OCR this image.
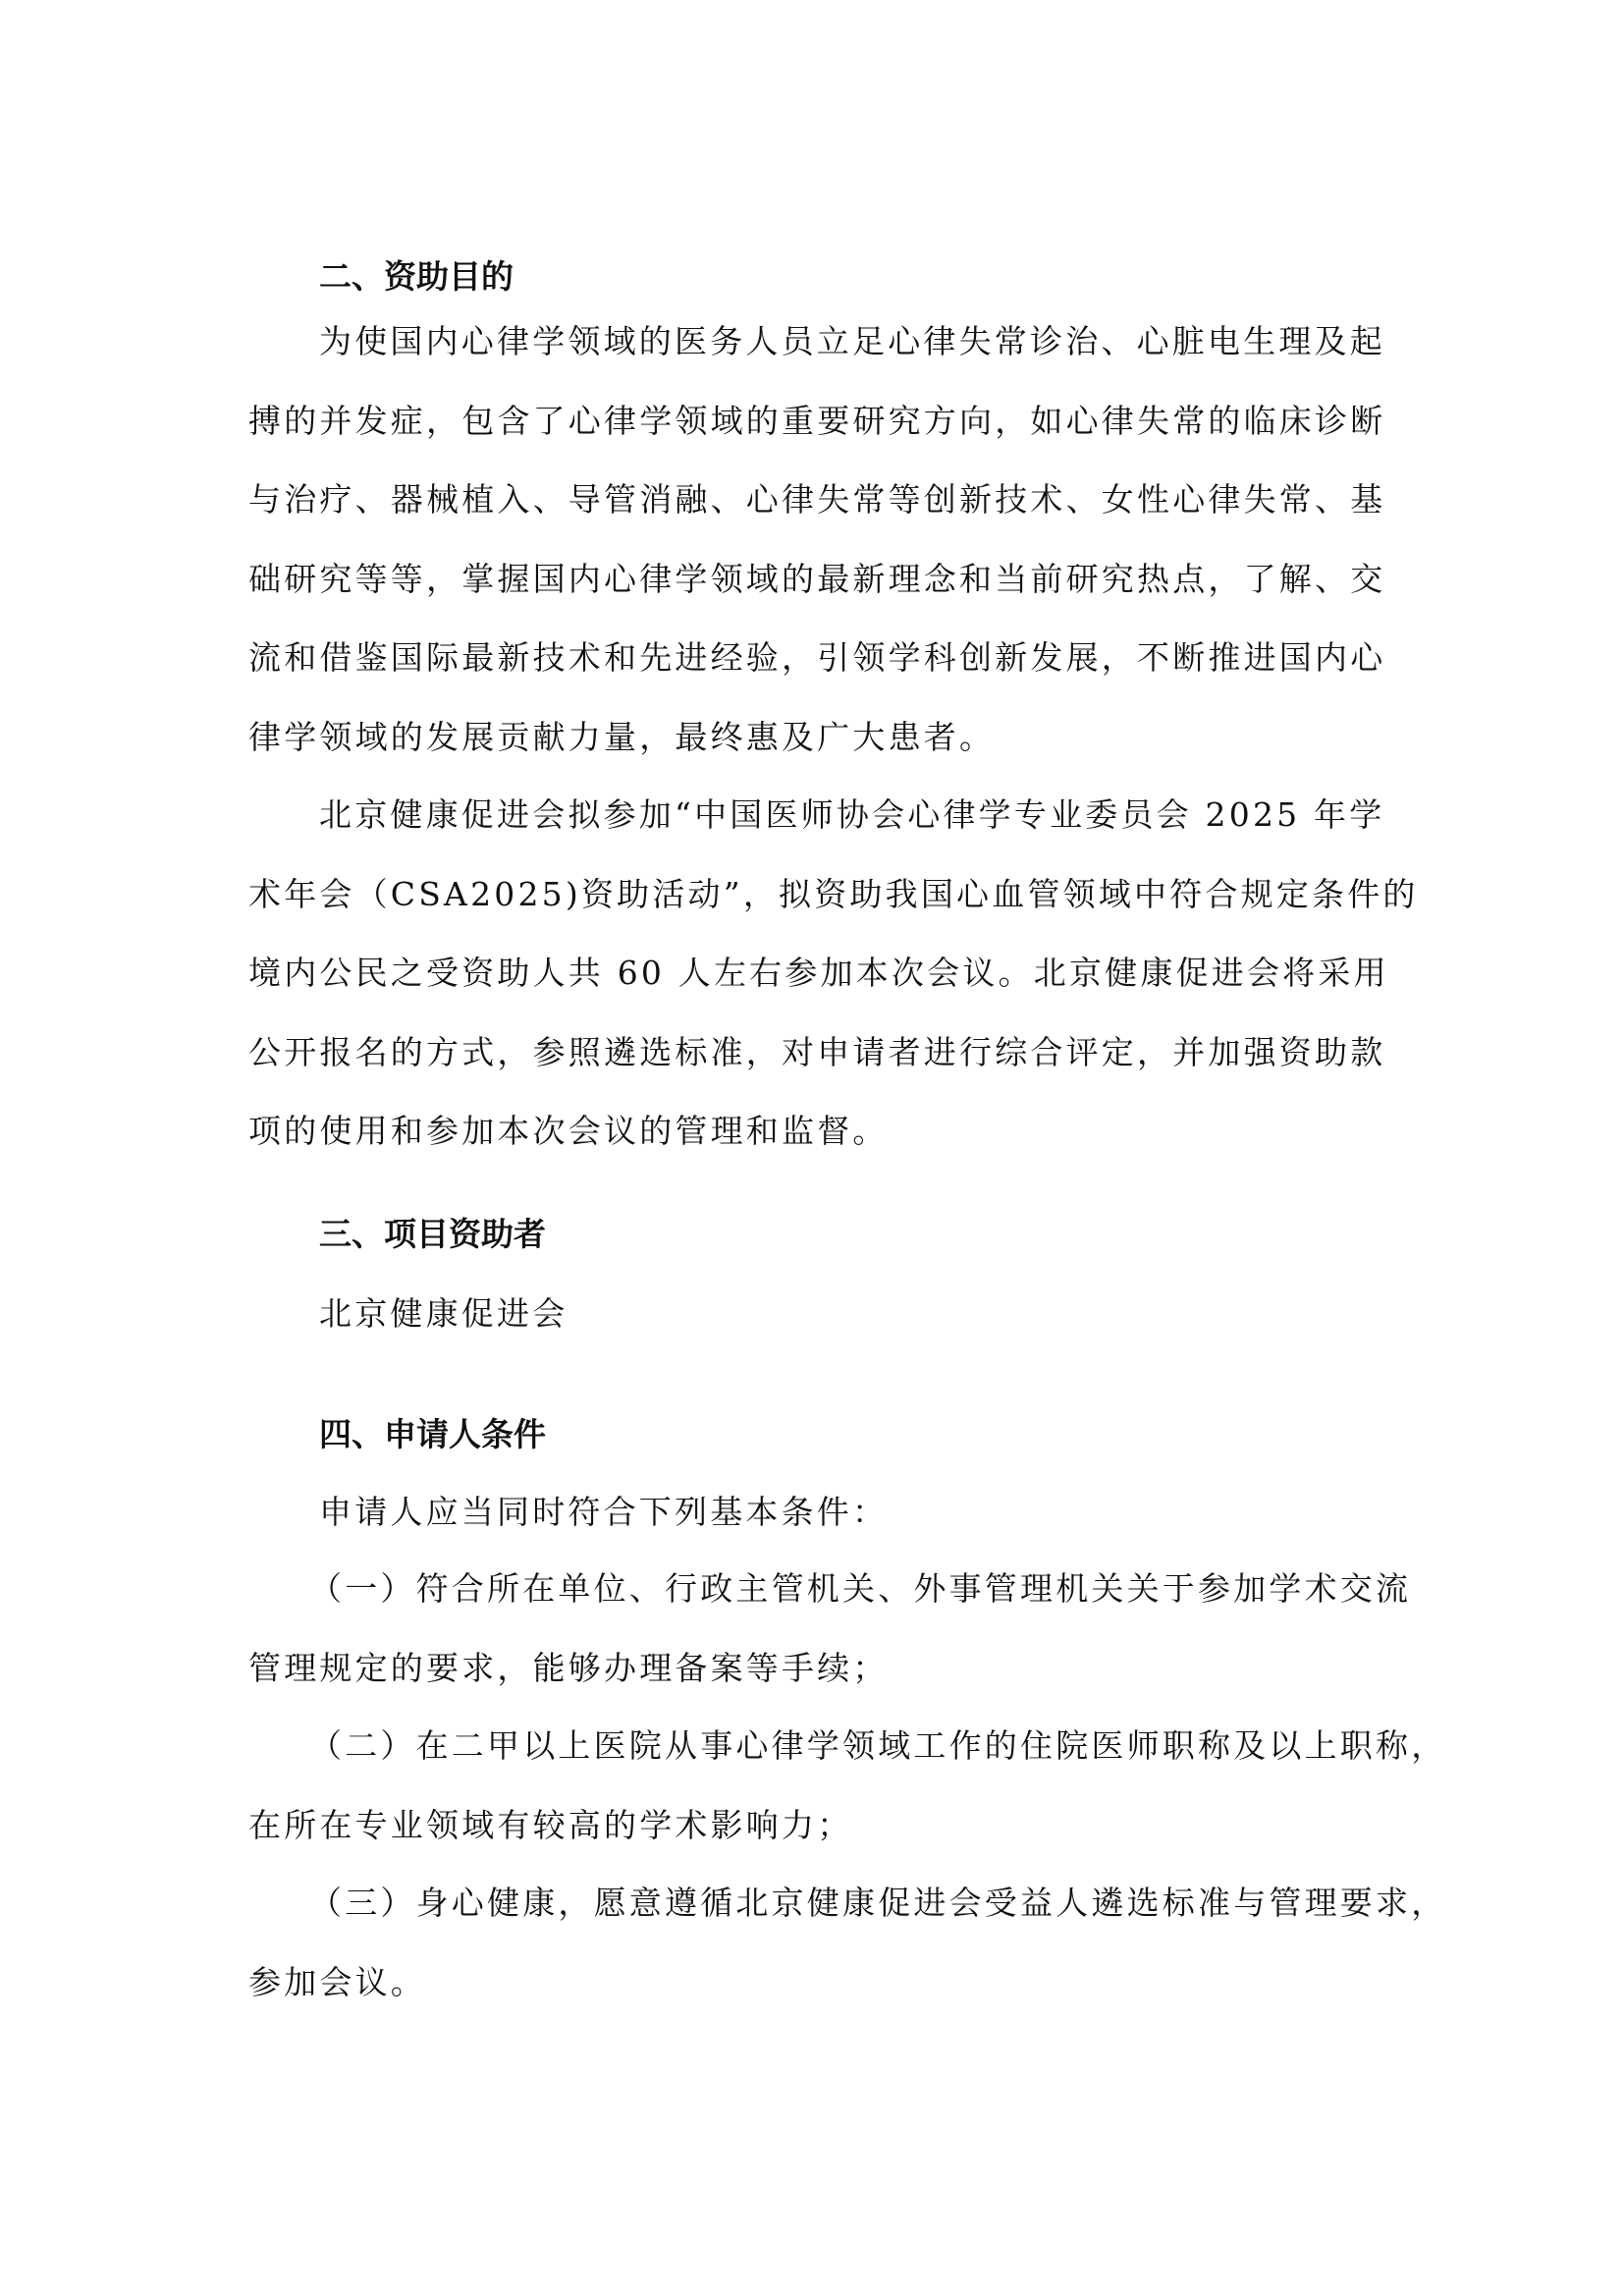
二、资助目的

为使国内心律学领域的医务人员立足心律失常诊治、心脏电生理及起
搏的并发症，包含了心律学领域的重要研究方向，如心律失常的临床诊断
与治疗、器械植入、导管消融、心律失常等创新技术、女性心律失常、基
础研究等等，掌握国内心律学领域的最新理念和当前研究热点，了解、交
流和借鉴国际最新技术和先进经验，引领学科创新发展，不断推进国内心
律学领域的发展贡献力量，最终惠及广大患者。

北京健康促进会拟参加“中国医师协会心律学专业委员会 2025 年学
术年会（CSA2025)资助活动”，拟资助我国心血管领域中符合规定条件的
境内公民之受资助人共 60 人左右参加本次会议。北京健康促进会将采用
公开报名的方式，参照遴选标准，对申请者进行综合评定，并加强资助款
项的使用和参加本次会议的管理和监督。

三、项目资助者

北京健康促进会

四、申请人条件

申请人应当同时符合下列基本条件：

（一）符合所在单位、行政主管机关、外事管理机关关于参加学术交流
管理规定的要求，能够办理备案等手续；

（二）在二甲以上医院从事心律学领域工作的住院医师职称及以上职称，
在所在专业领域有较高的学术影响力；

（三）身心健康，愿意遵循北京健康促进会受益人遴选标准与管理要求，
参加会议。
